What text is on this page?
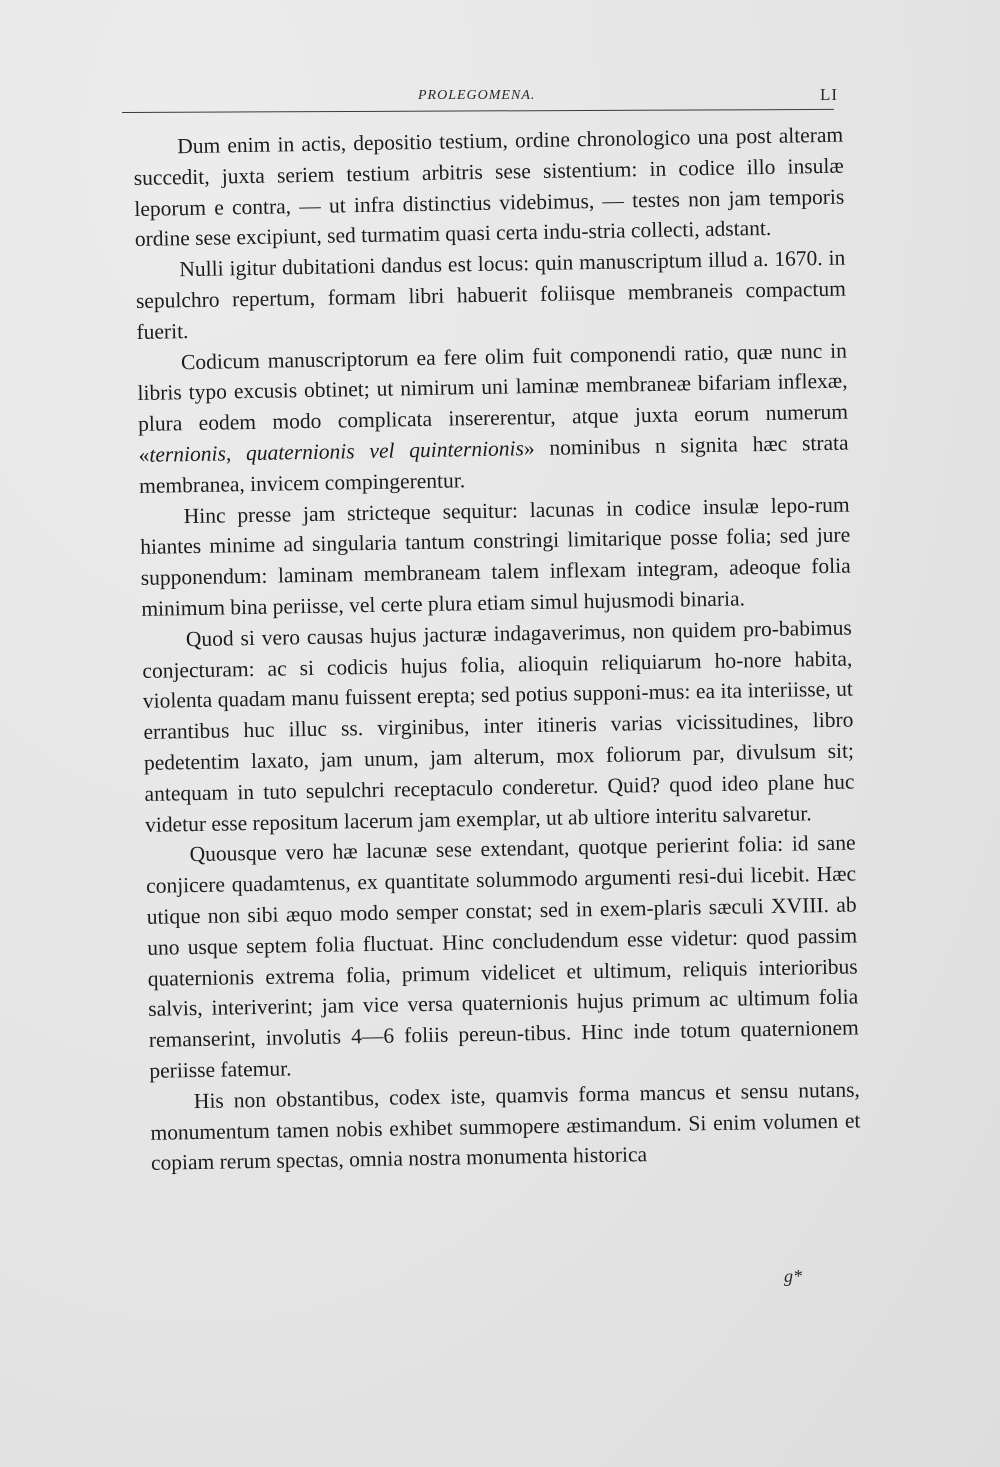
PROLEGOMENA.	LI

Dum enim in actis, depositio testium, ordine chronologico una post alteram succedit, juxta seriem testium arbitris sese sistentium: in codice illo insulæ leporum e contra, — ut infra distinctius videbimus, — testes non jam temporis ordine sese excipiunt, sed turmatim quasi certa indu-stria collecti, adstant.

Nulli igitur dubitationi dandus est locus: quin manuscriptum illud a. 1670. in sepulchro repertum, formam libri habuerit foliisque membraneis compactum fuerit.

Codicum manuscriptorum ea fere olim fuit componendi ratio, quæ nunc in libris typo excusis obtinet; ut nimirum uni laminæ membraneæ bifariam inflexæ, plura eodem modo complicata insererentur, atque juxta eorum numerum «ternionis, quaternionis vel quinternionis» nominibus n signita hæc strata membranea, invicem compingerentur.

Hinc presse jam stricteque sequitur: lacunas in codice insulæ lepo-rum hiantes minime ad singularia tantum constringi limitarique posse folia; sed jure supponendum: laminam membraneam talem inflexam integram, adeoque folia minimum bina periisse, vel certe plura etiam simul hujusmodi binaria.

Quod si vero causas hujus jacturæ indagaverimus, non quidem pro-babimus conjecturam: ac si codicis hujus folia, alioquin reliquiarum ho-nore habita, violenta quadam manu fuissent erepta; sed potius supponi-mus: ea ita interiisse, ut errantibus huc illuc ss. virginibus, inter itineris varias vicissitudines, libro pedetentim laxato, jam unum, jam alterum, mox foliorum par, divulsum sit; antequam in tuto sepulchri receptaculo conderetur. Quid? quod ideo plane huc videtur esse repositum lacerum jam exemplar, ut ab ultiore interitu salvaretur.

Quousque vero hæ lacunæ sese extendant, quotque perierint folia: id sane conjicere quadamtenus, ex quantitate solummodo argumenti resi-dui licebit. Hæc utique non sibi æquo modo semper constat; sed in exem-plaris sæculi XVIII. ab uno usque septem folia fluctuat. Hinc concludendum esse videtur: quod passim quaternionis extrema folia, primum videlicet et ultimum, reliquis interioribus salvis, interiverint; jam vice versa quaternionis hujus primum ac ultimum folia remanserint, involutis 4—6 foliis pereun-tibus. Hinc inde totum quaternionem periisse fatemur.

His non obstantibus, codex iste, quamvis forma mancus et sensu nutans, monumentum tamen nobis exhibet summopere æstimandum. Si enim volumen et copiam rerum spectas, omnia nostra monumenta historica

g*
